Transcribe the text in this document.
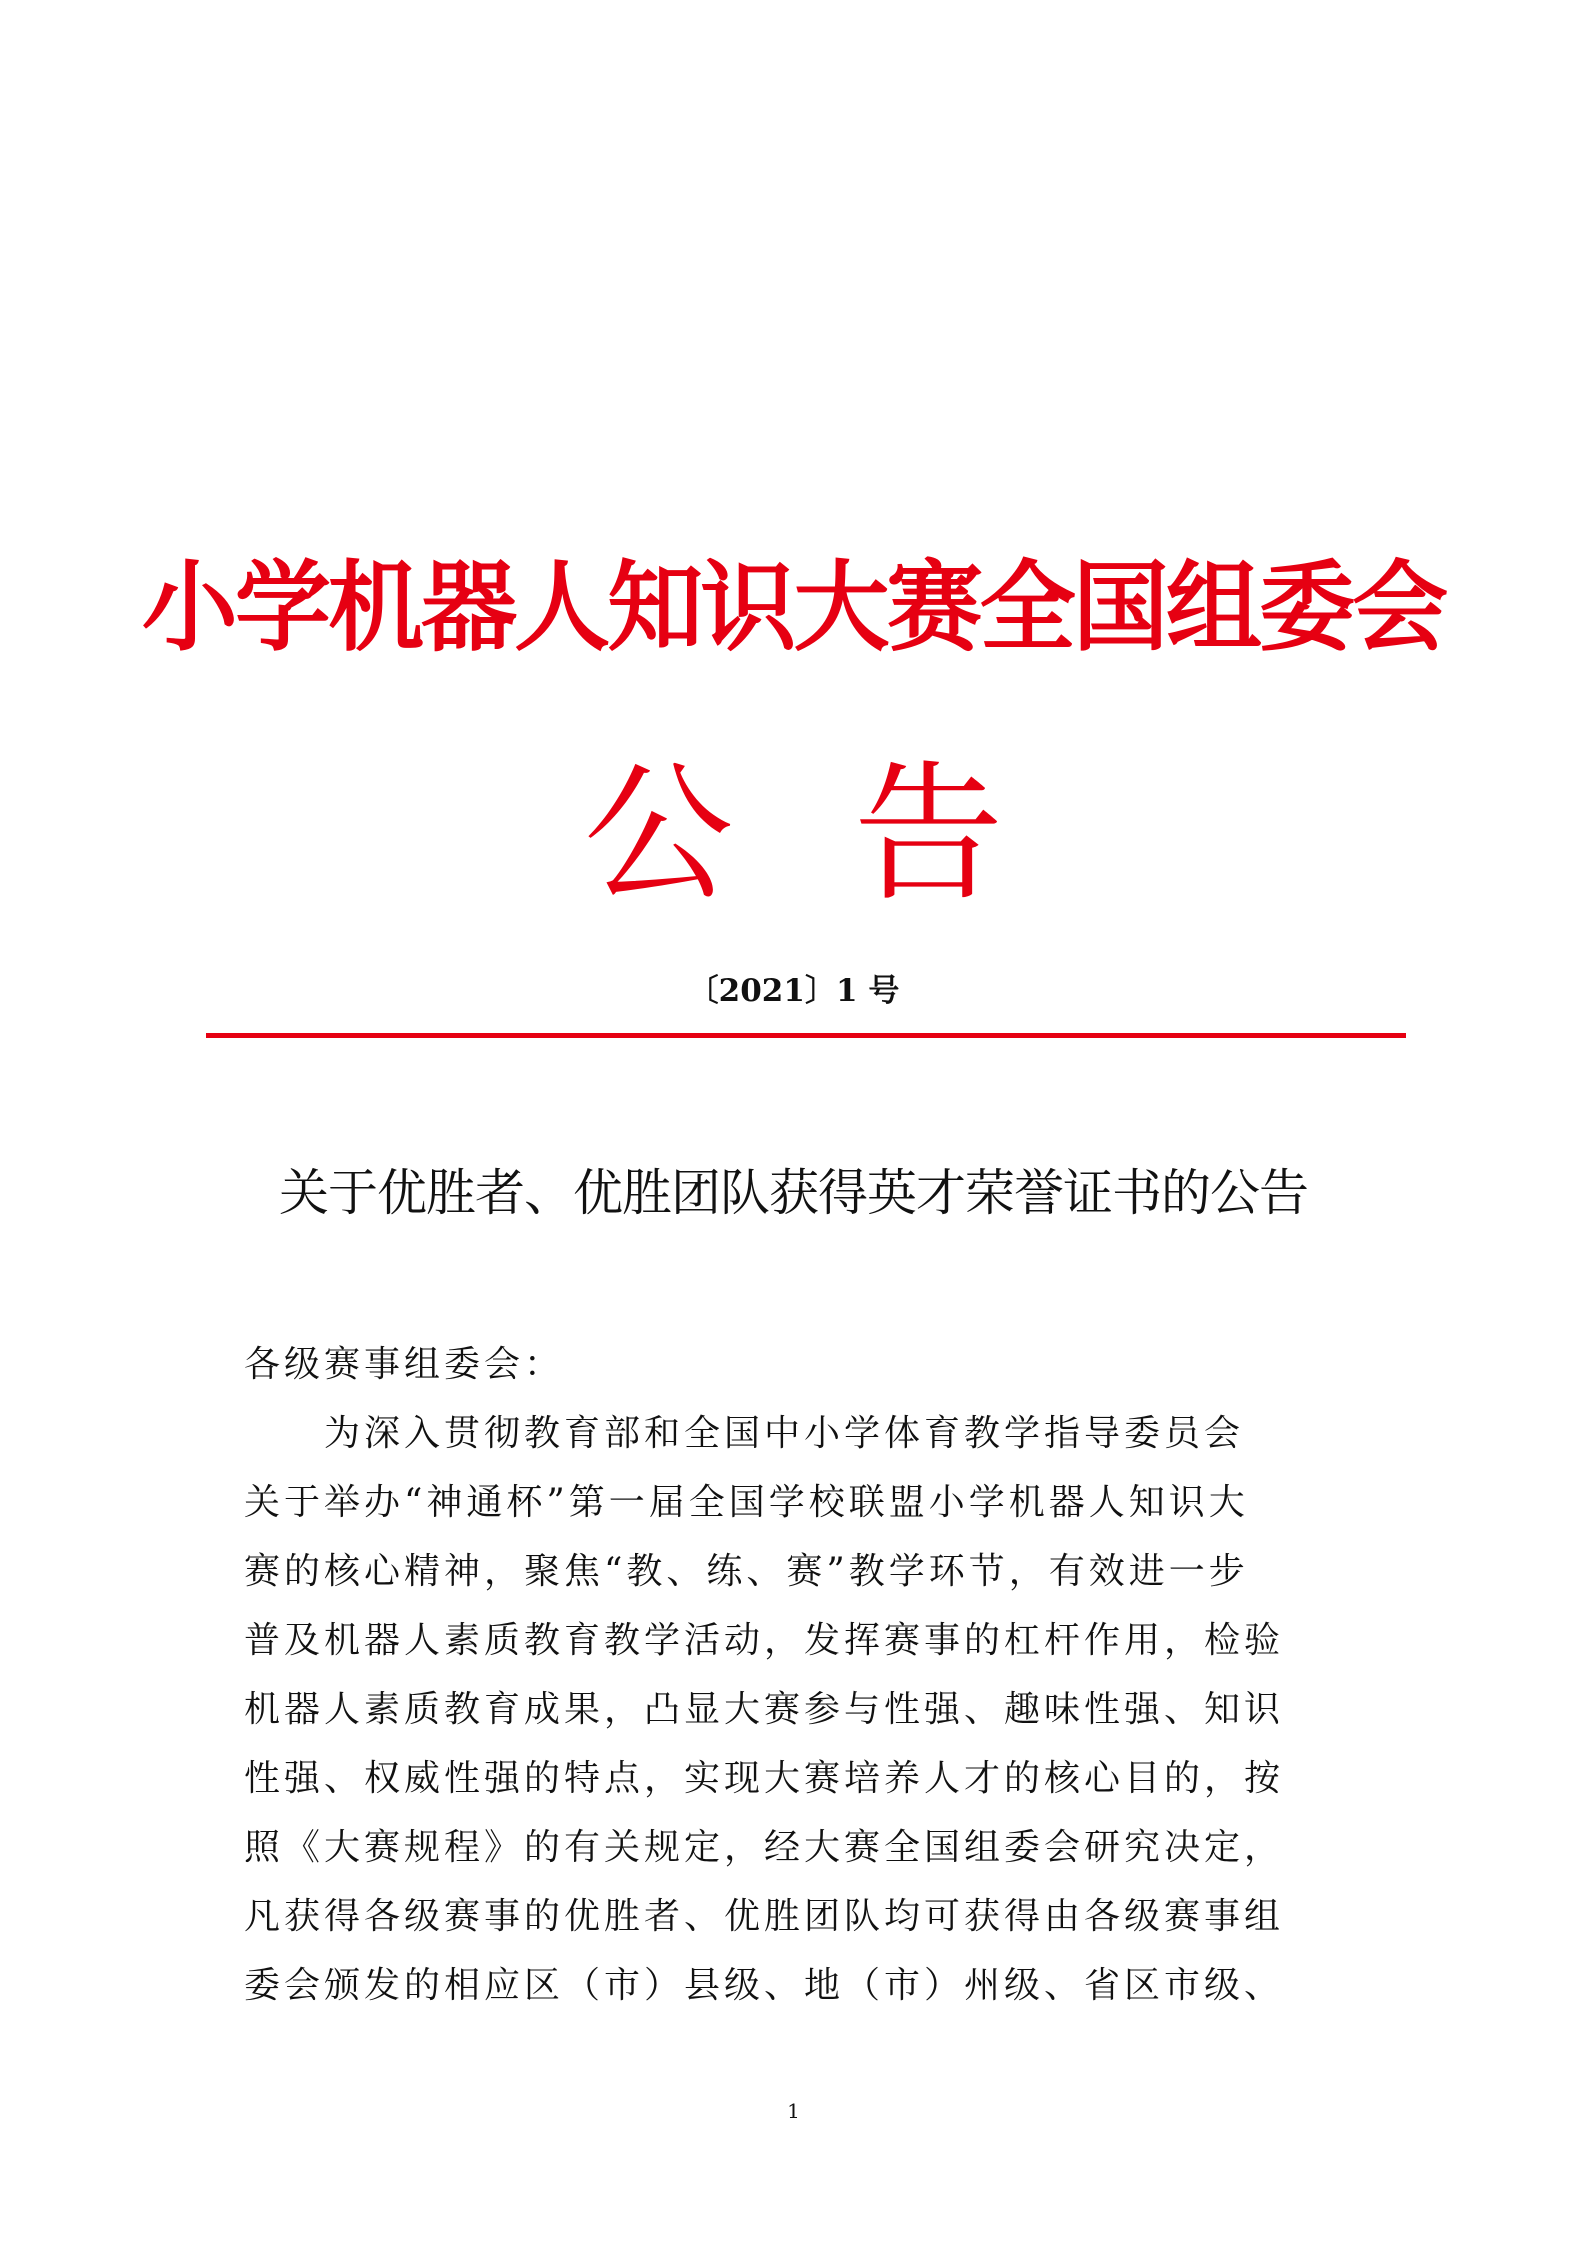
小学机器人知识大赛全国组委会
公告
〔2021〕1 号
关于优胜者、优胜团队获得英才荣誉证书的公告
各级赛事组委会：
　　为深入贯彻教育部和全国中小学体育教学指导委员会
关于举办“神通杯”第一届全国学校联盟小学机器人知识大
赛的核心精神，聚焦“教、练、赛”教学环节，有效进一步
普及机器人素质教育教学活动，发挥赛事的杠杆作用，检验
机器人素质教育成果，凸显大赛参与性强、趣味性强、知识
性强、权威性强的特点，实现大赛培养人才的核心目的，按
照《大赛规程》的有关规定，经大赛全国组委会研究决定，
凡获得各级赛事的优胜者、优胜团队均可获得由各级赛事组
委会颁发的相应区（市）县级、地（市）州级、省区市级、
1
